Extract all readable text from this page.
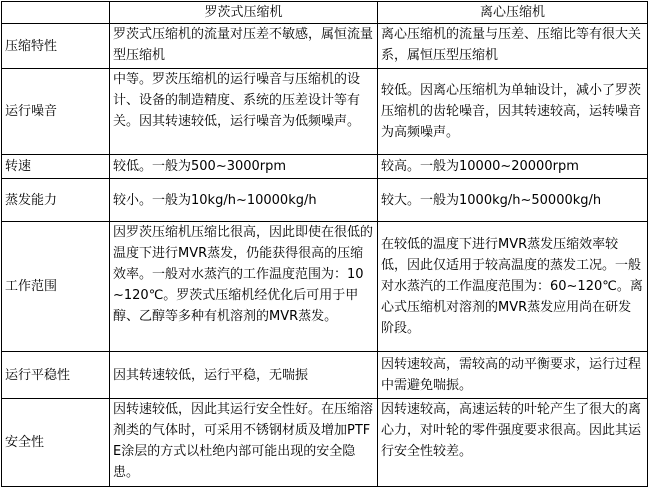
	罗茨式压缩机	离心压缩机
压缩特性	罗茨式压缩机的流量对压差不敏感，属恒流量型压缩机	离心压缩机的流量与压差、压缩比等有很大关系，属恒压型压缩机
运行噪音	中等。罗茨压缩机的运行噪音与压缩机的设计、设备的制造精度、系统的压差设计等有关。因其转速较低，运行噪音为低频噪声。	较低。因离心压缩机为单轴设计，减小了罗茨压缩机的齿轮噪音，因其转速较高，运转噪音为高频噪声。
转速	较低。一般为500~3000rpm	较高。一般为10000~20000rpm
蒸发能力	较小。一般为10kg/h~10000kg/h	较大。一般为1000kg/h~50000kg/h
工作范围	因罗茨压缩机压缩比很高，因此即使在很低的温度下进行MVR蒸发，仍能获得很高的压缩效率。一般对水蒸汽的工作温度范围为：10~120℃。罗茨式压缩机经优化后可用于甲醇、乙醇等多种有机溶剂的MVR蒸发。	在较低的温度下进行MVR蒸发压缩效率较低，因此仅适用于较高温度的蒸发工况。一般对水蒸汽的工作温度范围为：60~120℃。离心式压缩机对溶剂的MVR蒸发应用尚在研发阶段。
运行平稳性	因其转速较低，运行平稳，无喘振	因转速较高，需较高的动平衡要求，运行过程中需避免喘振。
安全性	因转速较低，因此其运行安全性好。在压缩溶剂类的气体时，可采用不锈钢材质及增加PTFE涂层的方式以杜绝内部可能出现的安全隐患。	因转速较高，高速运转的叶轮产生了很大的离心力，对叶轮的零件强度要求很高。因此其运行安全性较差。
